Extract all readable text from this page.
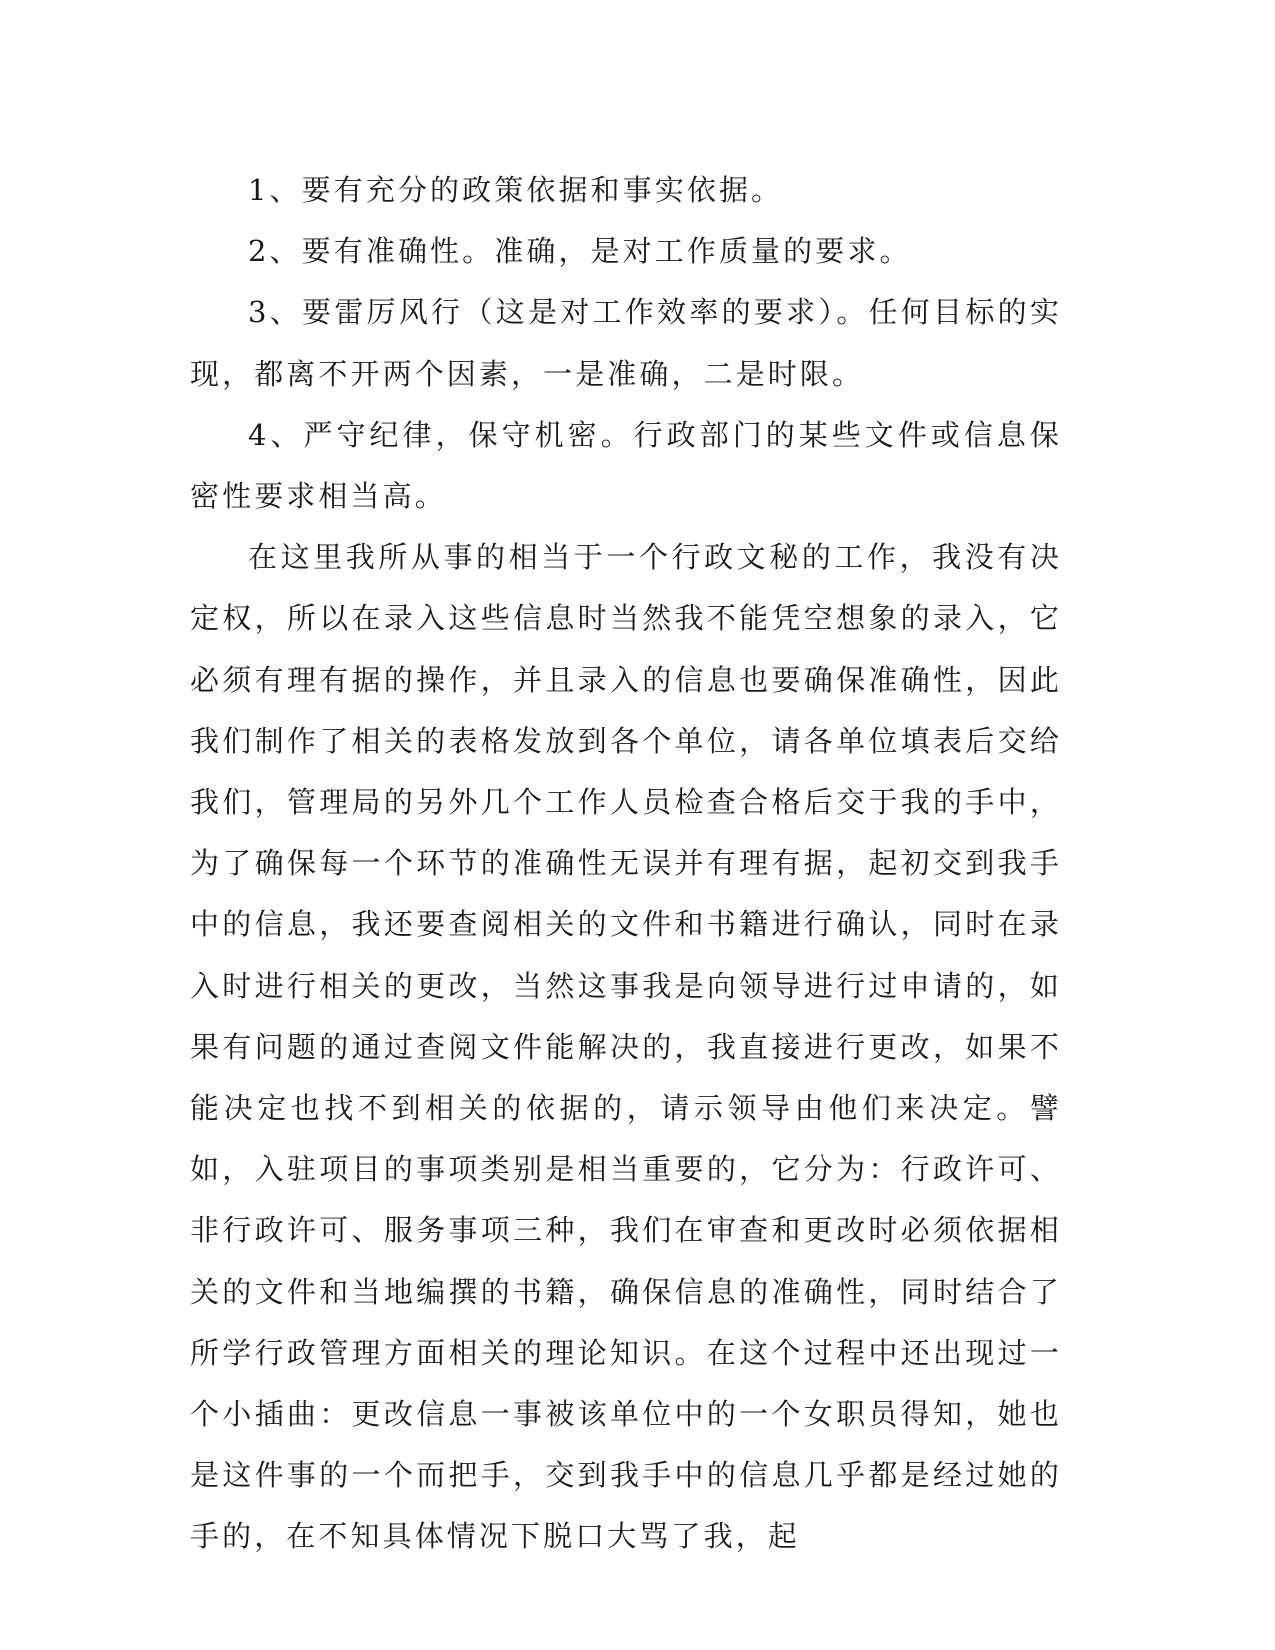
1、要有充分的政策依据和事实依据。

2、要有准确性。准确，是对工作质量的要求。

3、要雷厉风行（这是对工作效率的要求）。任何目标的实现，都离不开两个因素，一是准确，二是时限。

4、严守纪律，保守机密。行政部门的某些文件或信息保密性要求相当高。

在这里我所从事的相当于一个行政文秘的工作，我没有决定权，所以在录入这些信息时当然我不能凭空想象的录入，它必须有理有据的操作，并且录入的信息也要确保准确性，因此我们制作了相关的表格发放到各个单位，请各单位填表后交给我们，管理局的另外几个工作人员检查合格后交于我的手中，为了确保每一个环节的准确性无误并有理有据，起初交到我手中的信息，我还要查阅相关的文件和书籍进行确认，同时在录入时进行相关的更改，当然这事我是向领导进行过申请的，如果有问题的通过查阅文件能解决的，我直接进行更改，如果不能决定也找不到相关的依据的，请示领导由他们来决定。譬如，入驻项目的事项类别是相当重要的，它分为：行政许可、非行政许可、服务事项三种，我们在审查和更改时必须依据相关的文件和当地编撰的书籍，确保信息的准确性，同时结合了所学行政管理方面相关的理论知识。在这个过程中还出现过一个小插曲：更改信息一事被该单位中的一个女职员得知，她也是这件事的一个而把手，交到我手中的信息几乎都是经过她的手的，在不知具体情况下脱口大骂了我，起
